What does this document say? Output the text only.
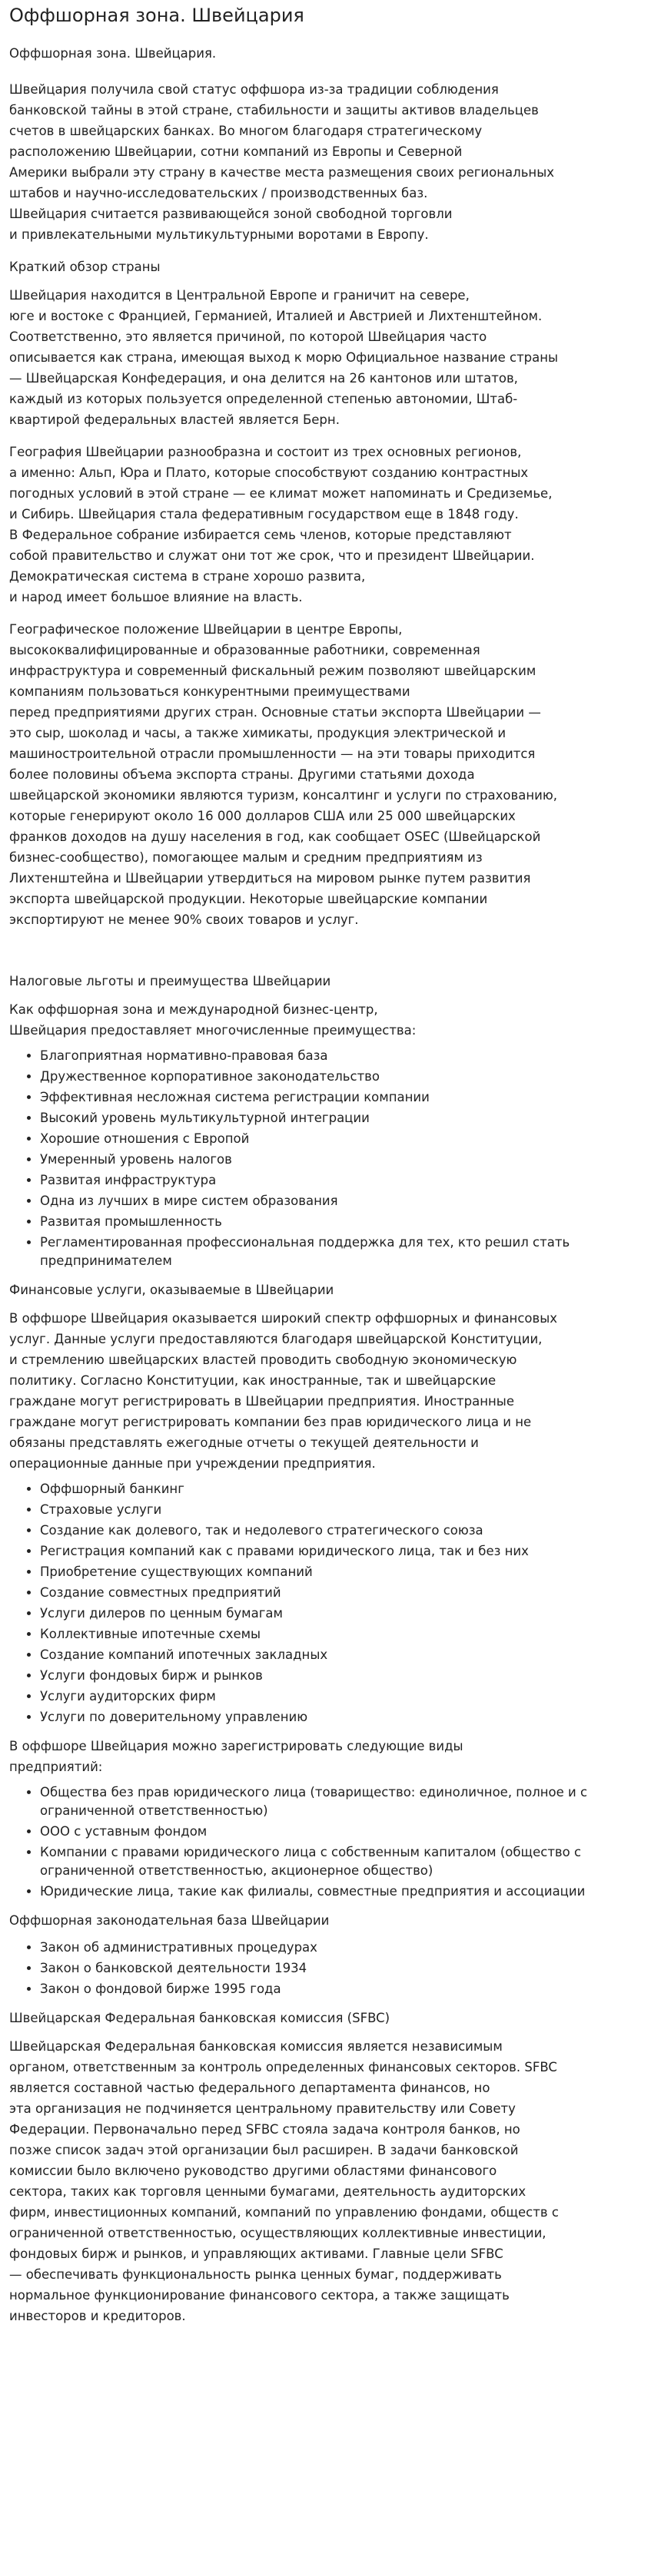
Оффшорная зона. Швейцария
Оффшорная зона. Швейцария.

Швейцария получила свой статус оффшора из-за традиции соблюдения
банковской тайны в этой стране, стабильности и защиты активов владельцев
счетов в швейцарских банках. Во многом благодаря стратегическому
расположению Швейцарии, сотни компаний из Европы и Северной
Америки выбрали эту страну в качестве места размещения своих региональных
штабов и научно-исследовательских / производственных баз.
Швейцария считается развивающейся зоной свободной торговли
и привлекательными мультикультурными воротами в Европу.

Краткий обзор страны

Швейцария находится в Центральной Европе и граничит на севере,
юге и востоке с Францией, Германией, Италией и Австрией и Лихтенштейном.
Соответственно, это является причиной, по которой Швейцария часто
описывается как страна, имеющая выход к морю Официальное название страны
— Швейцарская Конфедерация, и она делится на 26 кантонов или штатов,
каждый из которых пользуется определенной степенью автономии, Штаб-
квартирой федеральных властей является Берн.

География Швейцарии разнообразна и состоит из трех основных регионов,
а именно: Альп, Юра и Плато, которые способствуют созданию контрастных
погодных условий в этой стране — ее климат может напоминать и Средиземье,
и Сибирь. Швейцария стала федеративным государством еще в 1848 году.
В Федеральное собрание избирается семь членов, которые представляют
собой правительство и служат они тот же срок, что и президент Швейцарии.
Демократическая система в стране хорошо развита,
и народ имеет большое влияние на власть.

Географическое положение Швейцарии в центре Европы,
высококвалифицированные и образованные работники, современная
инфраструктура и современный фискальный режим позволяют швейцарским
компаниям пользоваться конкурентными преимуществами
перед предприятиями других стран. Основные статьи экспорта Швейцарии —
это сыр, шоколад и часы, а также химикаты, продукция электрической и
машиностроительной отрасли промышленности — на эти товары приходится
более половины объема экспорта страны. Другими статьями дохода
швейцарской экономики являются туризм, консалтинг и услуги по страхованию,
которые генерируют около 16 000 долларов США или 25 000 швейцарских
франков доходов на душу населения в год, как сообщает OSEC (Швейцарской
бизнес-сообщество), помогающее малым и средним предприятиям из
Лихтенштейна и Швейцарии утвердиться на мировом рынке путем развития
экспорта швейцарской продукции. Некоторые швейцарские компании
экспортируют не менее 90% своих товаров и услуг.

Налоговые льготы и преимущества Швейцарии

Как оффшорная зона и международной бизнес-центр,
Швейцария предоставляет многочисленные преимущества:

• Благоприятная нормативно-правовая база
• Дружественное корпоративное законодательство
• Эффективная несложная система регистрации компании
• Высокий уровень мультикультурной интеграции
• Хорошие отношения с Европой
• Умеренный уровень налогов
• Развитая инфраструктура
• Одна из лучших в мире систем образования
• Развитая промышленность
• Регламентированная профессиональная поддержка для тех, кто решил стать предпринимателем
Финансовые услуги, оказываемые в Швейцарии

В оффшоре Швейцария оказывается широкий спектр оффшорных и финансовых
услуг. Данные услуги предоставляются благодаря швейцарской Конституции,
и стремлению швейцарских властей проводить свободную экономическую
политику. Согласно Конституции, как иностранные, так и швейцарские
граждане могут регистрировать в Швейцарии предприятия. Иностранные
граждане могут регистрировать компании без прав юридического лица и не
обязаны представлять ежегодные отчеты о текущей деятельности и
операционные данные при учреждении предприятия.

• Оффшорный банкинг
• Страховые услуги
• Создание как долевого, так и недолевого стратегического союза
• Регистрация компаний как с правами юридического лица, так и без них
• Приобретение существующих компаний
• Создание совместных предприятий
• Услуги дилеров по ценным бумагам
• Коллективные ипотечные схемы
• Создание компаний ипотечных закладных
• Услуги фондовых бирж и рынков
• Услуги аудиторских фирм
• Услуги по доверительному управлению

В оффшоре Швейцария можно зарегистрировать следующие виды
предприятий:

• Общества без прав юридического лица (товарищество: единоличное, полное и с ограниченной ответственностью)
• ООО с уставным фондом
• Компании с правами юридического лица с собственным капиталом (общество с ограниченной ответственностью, акционерное общество)
• Юридические лица, такие как филиалы, совместные предприятия и ассоциации
Оффшорная законодательная база Швейцарии
• Закон об административных процедурах
• Закон о банковской деятельности 1934
• Закон о фондовой бирже 1995 года
Швейцарская Федеральная банковская комиссия (SFBC)

Швейцарская Федеральная банковская комиссия является независимым
органом, ответственным за контроль определенных финансовых секторов. SFBC
является составной частью федерального департамента финансов, но
эта организация не подчиняется центральному правительству или Совету
Федерации. Первоначально перед SFBC стояла задача контроля банков, но
позже список задач этой организации был расширен. В задачи банковской
комиссии было включено руководство другими областями финансового
сектора, таких как торговля ценными бумагами, деятельность аудиторских
фирм, инвестиционных компаний, компаний по управлению фондами, обществ с
ограниченной ответственностью, осуществляющих коллективные инвестиции,
фондовых бирж и рынков, и управляющих активами. Главные цели SFBC
— обеспечивать функциональность рынка ценных бумаг, поддерживать
нормальное функционирование финансового сектора, а также защищать
инвесторов и кредиторов.
